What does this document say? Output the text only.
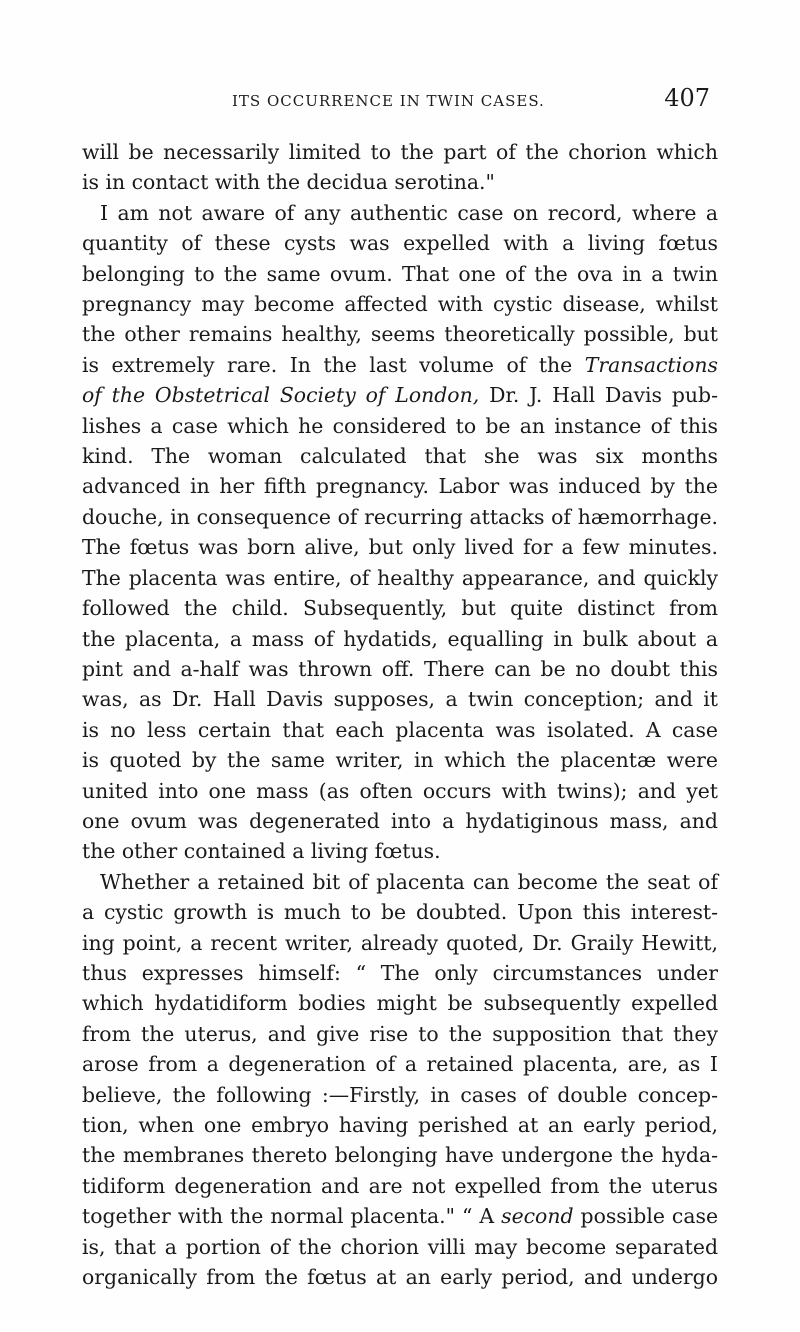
ITS OCCURRENCE IN TWIN CASES.	407
will be necessarily limited to the part of the chorion which
is in contact with the decidua serotina."
I am not aware of any authentic case on record, where a
quantity of these cysts was expelled with a living fœtus
belonging to the same ovum. That one of the ova in a twin
pregnancy may become affected with cystic disease, whilst
the other remains healthy, seems theoretically possible, but
is extremely rare. In the last volume of the Transactions
of the Obstetrical Society of London, Dr. J. Hall Davis pub-
lishes a case which he considered to be an instance of this
kind. The woman calculated that she was six months
advanced in her fifth pregnancy. Labor was induced by the
douche, in consequence of recurring attacks of hæmorrhage.
The fœtus was born alive, but only lived for a few minutes.
The placenta was entire, of healthy appearance, and quickly
followed the child. Subsequently, but quite distinct from
the placenta, a mass of hydatids, equalling in bulk about a
pint and a-half was thrown off. There can be no doubt this
was, as Dr. Hall Davis supposes, a twin conception; and it
is no less certain that each placenta was isolated. A case
is quoted by the same writer, in which the placentæ were
united into one mass (as often occurs with twins); and yet
one ovum was degenerated into a hydatiginous mass, and
the other contained a living fœtus.
Whether a retained bit of placenta can become the seat of
a cystic growth is much to be doubted. Upon this interest-
ing point, a recent writer, already quoted, Dr. Graily Hewitt,
thus expresses himself: “ The only circumstances under
which hydatidiform bodies might be subsequently expelled
from the uterus, and give rise to the supposition that they
arose from a degeneration of a retained placenta, are, as I
believe, the following :—Firstly, in cases of double concep-
tion, when one embryo having perished at an early period,
the membranes thereto belonging have undergone the hyda-
tidiform degeneration and are not expelled from the uterus
together with the normal placenta." “ A second possible case
is, that a portion of the chorion villi may become separated
organically from the fœtus at an early period, and undergo
